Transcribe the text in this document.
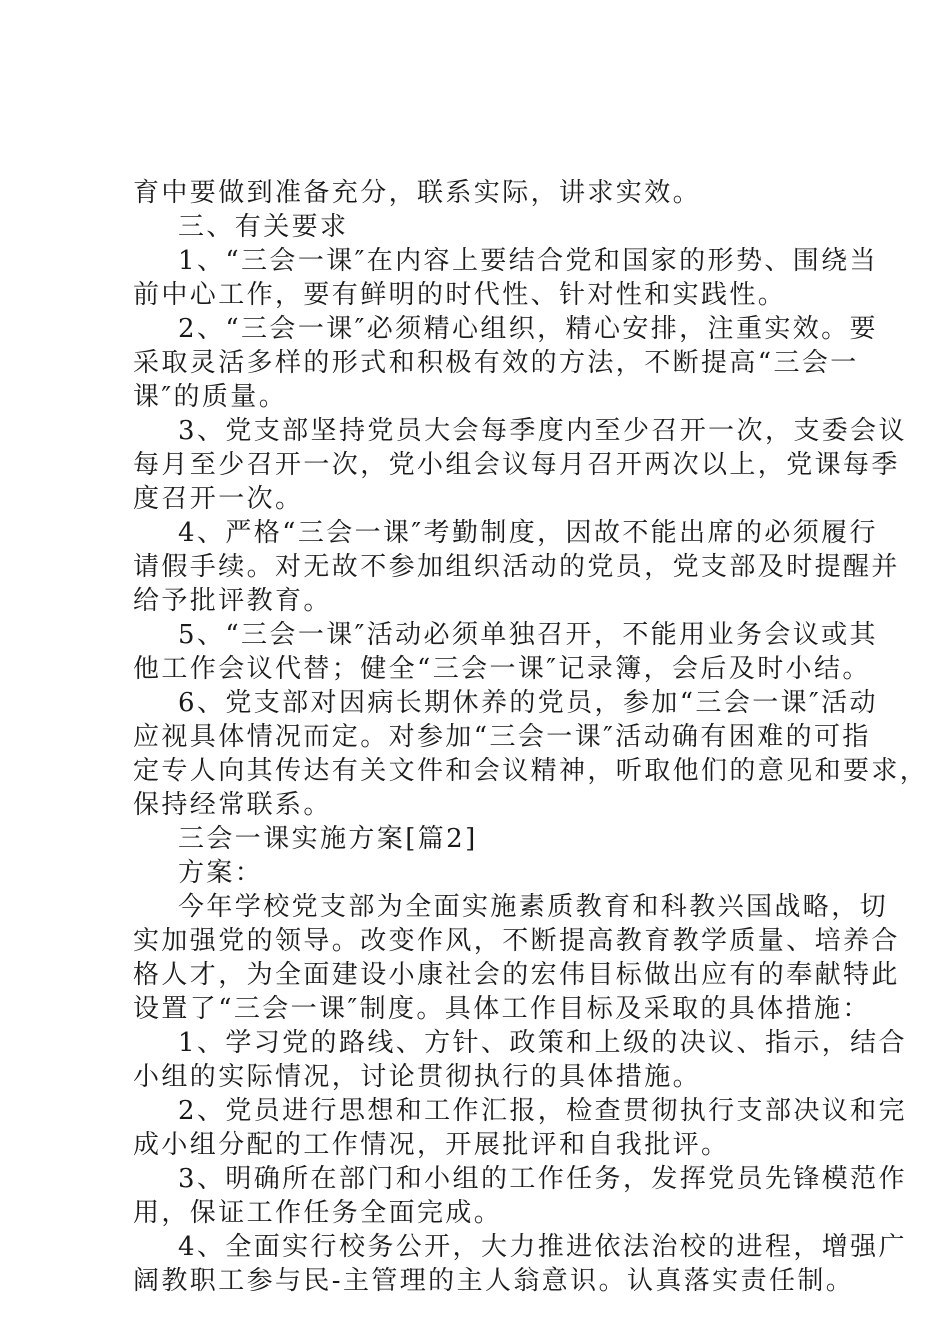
育中要做到准备充分，联系实际，讲求实效。
三、有关要求
1、“三会一课″在内容上要结合党和国家的形势、围绕当
前中心工作，要有鲜明的时代性、针对性和实践性。
2、“三会一课″必须精心组织，精心安排，注重实效。要
采取灵活多样的形式和积极有效的方法，不断提高“三会一
课″的质量。
3、党支部坚持党员大会每季度内至少召开一次，支委会议
每月至少召开一次，党小组会议每月召开两次以上，党课每季
度召开一次。
4、严格“三会一课″考勤制度，因故不能出席的必须履行
请假手续。对无故不参加组织活动的党员，党支部及时提醒并
给予批评教育。
5、“三会一课″活动必须单独召开，不能用业务会议或其
他工作会议代替；健全“三会一课″记录簿，会后及时小结。
6、党支部对因病长期休养的党员，参加“三会一课″活动
应视具体情况而定。对参加“三会一课″活动确有困难的可指
定专人向其传达有关文件和会议精神，听取他们的意见和要求，
保持经常联系。
三会一课实施方案[篇2]
方案：
今年学校党支部为全面实施素质教育和科教兴国战略，切
实加强党的领导。改变作风，不断提高教育教学质量、培养合
格人才，为全面建设小康社会的宏伟目标做出应有的奉献特此
设置了“三会一课″制度。具体工作目标及采取的具体措施：
1、学习党的路线、方针、政策和上级的决议、指示，结合
小组的实际情况，讨论贯彻执行的具体措施。
2、党员进行思想和工作汇报，检查贯彻执行支部决议和完
成小组分配的工作情况，开展批评和自我批评。
3、明确所在部门和小组的工作任务，发挥党员先锋模范作
用，保证工作任务全面完成。
4、全面实行校务公开，大力推进依法治校的进程，增强广
阔教职工参与民-主管理的主人翁意识。认真落实责任制。
